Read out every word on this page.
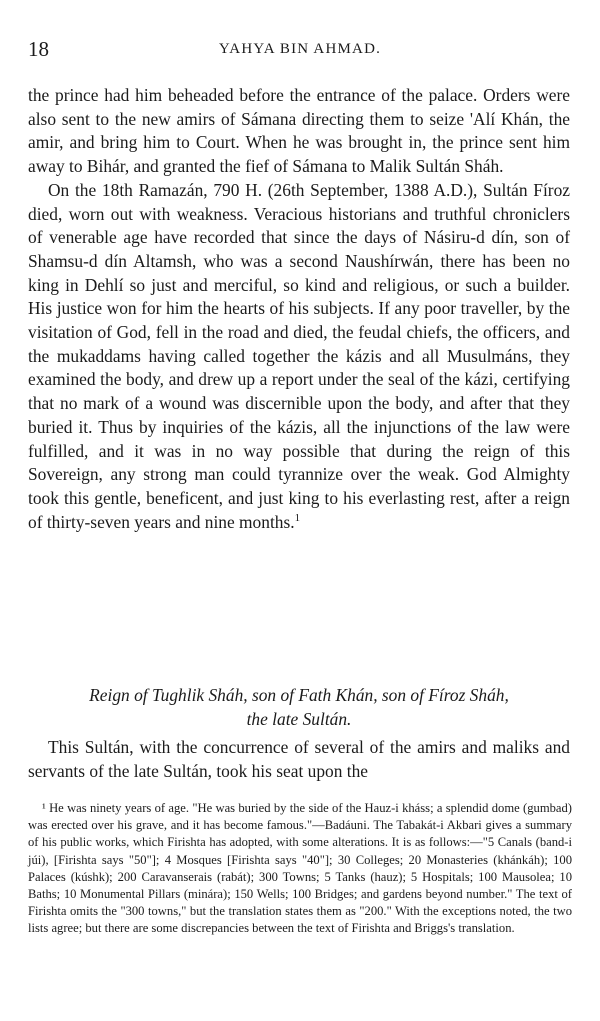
18	YAHYA BIN AHMAD.

the prince had him beheaded before the entrance of the palace. Orders were also sent to the new amirs of Sámana directing them to seize 'Alí Khán, the amir, and bring him to Court. When he was brought in, the prince sent him away to Bihár, and granted the fief of Sámana to Malik Sultán Sháh.

On the 18th Ramazán, 790 H. (26th September, 1388 A.D.), Sultán Fíroz died, worn out with weakness. Veracious historians and truthful chroniclers of venerable age have recorded that since the days of Násiru-d dín, son of Shamsu-d dín Altamsh, who was a second Naushírwán, there has been no king in Dehlí so just and merciful, so kind and religious, or such a builder. His justice won for him the hearts of his subjects. If any poor traveller, by the visitation of God, fell in the road and died, the feudal chiefs, the officers, and the mukaddams having called together the kázis and all Musulmáns, they examined the body, and drew up a report under the seal of the kázi, certifying that no mark of a wound was discernible upon the body, and after that they buried it. Thus by inquiries of the kázis, all the injunctions of the law were fulfilled, and it was in no way possible that during the reign of this Sovereign, any strong man could tyrannize over the weak. God Almighty took this gentle, beneficent, and just king to his everlasting rest, after a reign of thirty-seven years and nine months.$^1$

Reign of Tughlik Sháh, son of Fath Khán, son of Fíroz Sháh,
the late Sultán.

This Sultán, with the concurrence of several of the amirs and maliks and servants of the late Sultán, took his seat upon the

¹ He was ninety years of age. "He was buried by the side of the Hauz-i kháss; a splendid dome (gumbad) was erected over his grave, and it has become famous."—Badáuni. The Tabakát-i Akbari gives a summary of his public works, which Firishta has adopted, with some alterations. It is as follows:—"5 Canals (band-i júi), [Firishta says "50"]; 4 Mosques [Firishta says "40"]; 30 Colleges; 20 Monasteries (khánkáh); 100 Palaces (kúshk); 200 Caravanserais (rabát); 300 Towns; 5 Tanks (hauz); 5 Hospitals; 100 Mausolea; 10 Baths; 10 Monumental Pillars (minára); 150 Wells; 100 Bridges; and gardens beyond number." The text of Firishta omits the "300 towns," but the translation states them as "200." With the exceptions noted, the two lists agree; but there are some discrepancies between the text of Firishta and Briggs's translation.
